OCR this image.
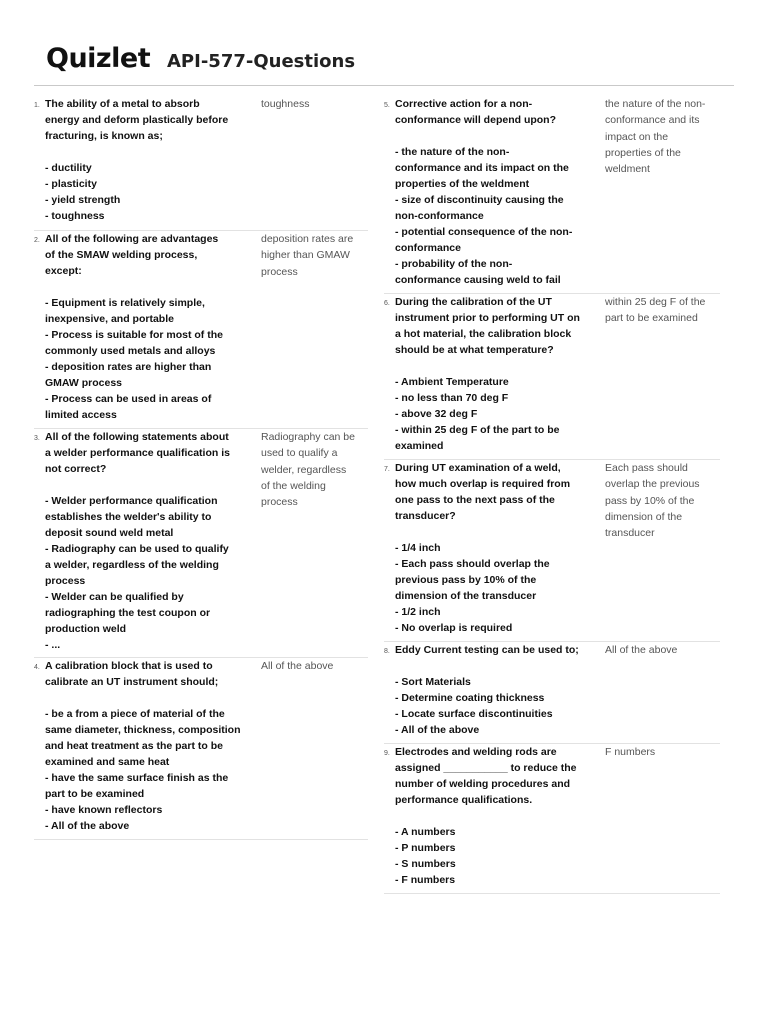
Quizlet API-577-Questions
1. The ability of a metal to absorb
energy and deform plastically before
fracturing, is known as;
- ductility
- plasticity
- yield strength
- toughness
toughness
2. All of the following are advantages
of the SMAW welding process,
except:
- Equipment is relatively simple,
inexpensive, and portable
- Process is suitable for most of the
commonly used metals and alloys
- deposition rates are higher than
GMAW process
- Process can be used in areas of
limited access
deposition rates are
higher than GMAW
process
3. All of the following statements about
a welder performance qualification is
not correct?
- Welder performance qualification
establishes the welder's ability to
deposit sound weld metal
- Radiography can be used to qualify
a welder, regardless of the welding
process
- Welder can be qualified by
radiographing the test coupon or
production weld
- ...
Radiography can be
used to qualify a
welder, regardless
of the welding
process
4. A calibration block that is used to
calibrate an UT instrument should;
- be a from a piece of material of the
same diameter, thickness, composition
and heat treatment as the part to be
examined and same heat
- have the same surface finish as the
part to be examined
- have known reflectors
- All of the above
All of the above
5. Corrective action for a non-
conformance will depend upon?
- the nature of the non-
conformance and its impact on the
properties of the weldment
- size of discontinuity causing the
non-conformance
- potential consequence of the non-
conformance
- probability of the non-
conformance causing weld to fail
the nature of the non-
conformance and its
impact on the
properties of the
weldment
6. During the calibration of the UT
instrument prior to performing UT on
a hot material, the calibration block
should be at what temperature?
- Ambient Temperature
- no less than 70 deg F
- above 32 deg F
- within 25 deg F of the part to be
examined
within 25 deg F of the
part to be examined
7. During UT examination of a weld,
how much overlap is required from
one pass to the next pass of the
transducer?
- 1/4 inch
- Each pass should overlap the
previous pass by 10% of the
dimension of the transducer
- 1/2 inch
- No overlap is required
Each pass should
overlap the previous
pass by 10% of the
dimension of the
transducer
8. Eddy Current testing can be used to;
- Sort Materials
- Determine coating thickness
- Locate surface discontinuities
- All of the above
All of the above
9. Electrodes and welding rods are
assigned ___________ to reduce the
number of welding procedures and
performance qualifications.
- A numbers
- P numbers
- S numbers
- F numbers
F numbers
